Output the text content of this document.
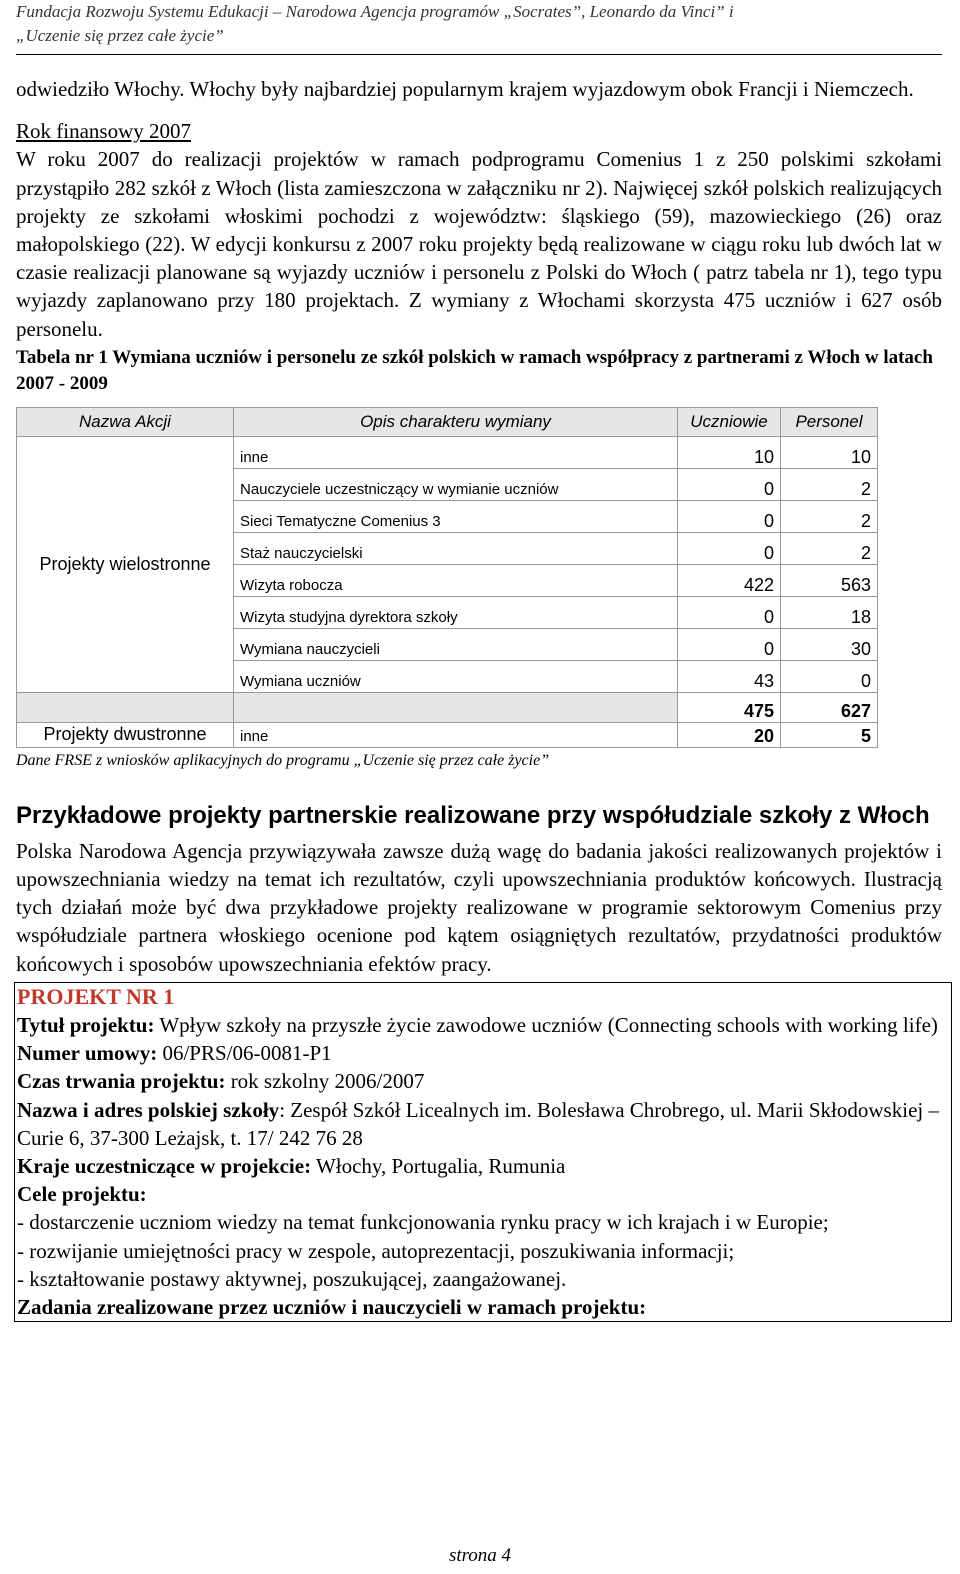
Fundacja Rozwoju Systemu Edukacji – Narodowa Agencja programów „Socrates”, Leonardo da Vinci” i
„Uczenie się przez całe życie”

odwiedziło Włochy. Włochy były najbardziej popularnym krajem wyjazdowym obok Francji i Niemczech.

Rok finansowy 2007

W roku 2007 do realizacji projektów w ramach podprogramu Comenius 1 z 250 polskimi szkołami przystąpiło 282 szkół z Włoch (lista zamieszczona w załączniku nr 2). Najwięcej szkół polskich realizujących projekty ze szkołami włoskimi pochodzi z województw: śląskiego (59), mazowieckiego (26) oraz małopolskiego (22). W edycji konkursu z 2007 roku projekty będą realizowane w ciągu roku lub dwóch lat w czasie realizacji planowane są wyjazdy uczniów i personelu z Polski do Włoch ( patrz tabela nr 1), tego typu wyjazdy zaplanowano przy 180 projektach. Z wymiany z Włochami skorzysta 475 uczniów i 627 osób personelu.

Tabela nr 1 Wymiana uczniów i personelu ze szkół polskich w ramach współpracy z partnerami z Włoch w latach 2007 - 2009

Nazwa Akcji	Opis charakteru wymiany	Uczniowie	Personel
Projekty wielostronne	inne	10	10
	Nauczyciele uczestniczący w wymianie uczniów	0	2
	Sieci Tematyczne Comenius 3	0	2
	Staż nauczycielski	0	2
	Wizyta robocza	422	563
	Wizyta studyjna dyrektora szkoły	0	18
	Wymiana nauczycieli	0	30
	Wymiana uczniów	43	0
		475	627
Projekty dwustronne	inne	20	5

Dane FRSE z wniosków aplikacyjnych do programu „Uczenie się przez całe życie”

Przykładowe projekty partnerskie realizowane przy współudziale szkoły z Włoch

Polska Narodowa Agencja przywiązywała zawsze dużą wagę do badania jakości realizowanych projektów i upowszechniania wiedzy na temat ich rezultatów, czyli upowszechniania produktów końcowych. Ilustracją tych działań może być dwa przykładowe projekty realizowane w programie sektorowym Comenius przy współudziale partnera włoskiego ocenione pod kątem osiągniętych rezultatów, przydatności produktów końcowych i sposobów upowszechniania efektów pracy.

PROJEKT NR 1
Tytuł projektu: Wpływ szkoły na przyszłe życie zawodowe uczniów (Connecting schools with working life)
Numer umowy: 06/PRS/06-0081-P1
Czas trwania projektu: rok szkolny 2006/2007
Nazwa i adres polskiej szkoły: Zespół Szkół Licealnych im. Bolesława Chrobrego, ul. Marii Skłodowskiej – Curie 6, 37-300 Leżajsk, t. 17/ 242 76 28
Kraje uczestniczące w projekcie: Włochy, Portugalia, Rumunia
Cele projektu:
- dostarczenie uczniom wiedzy na temat funkcjonowania rynku pracy w ich krajach i w Europie;
- rozwijanie umiejętności pracy w zespole, autoprezentacji, poszukiwania informacji;
- kształtowanie postawy aktywnej, poszukującej, zaangażowanej.
Zadania zrealizowane przez uczniów i nauczycieli w ramach projektu:
strona 4
